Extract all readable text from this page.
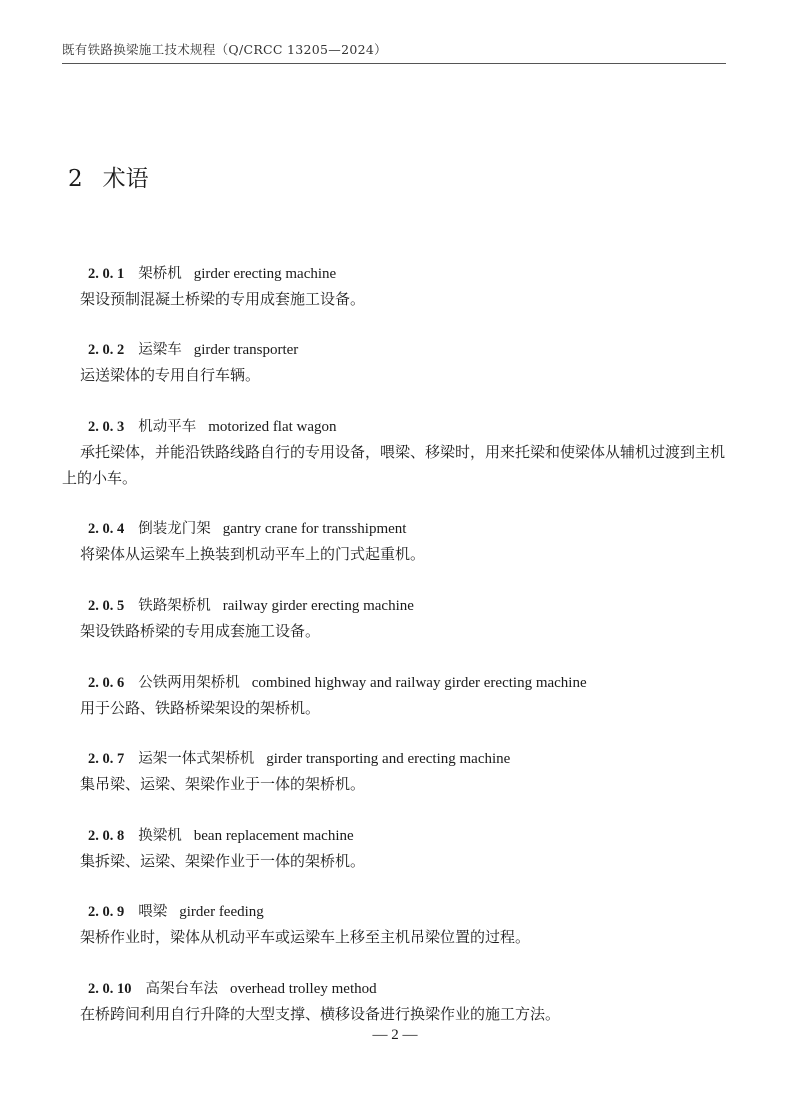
既有铁路换梁施工技术规程（Q/CRCC 13205—2024）
2 术语
2. 0. 1 架桥机 girder erecting machine
架设预制混凝土桥梁的专用成套施工设备。
2. 0. 2 运梁车 girder transporter
运送梁体的专用自行车辆。
2. 0. 3 机动平车 motorized flat wagon
承托梁体，并能沿铁路线路自行的专用设备，喂梁、移梁时，用来托梁和使梁体从辅机过渡到主机上的小车。
2. 0. 4 倒装龙门架 gantry crane for transshipment
将梁体从运梁车上换装到机动平车上的门式起重机。
2. 0. 5 铁路架桥机 railway girder erecting machine
架设铁路桥梁的专用成套施工设备。
2. 0. 6 公铁两用架桥机 combined highway and railway girder erecting machine
用于公路、铁路桥梁架设的架桥机。
2. 0. 7 运架一体式架桥机 girder transporting and erecting machine
集吊梁、运梁、架梁作业于一体的架桥机。
2. 0. 8 换梁机 bean replacement machine
集拆梁、运梁、架梁作业于一体的架桥机。
2. 0. 9 喂梁 girder feeding
架桥作业时，梁体从机动平车或运梁车上移至主机吊梁位置的过程。
2. 0. 10 高架台车法 overhead trolley method
在桥跨间利用自行升降的大型支撑、横移设备进行换梁作业的施工方法。
— 2 —
